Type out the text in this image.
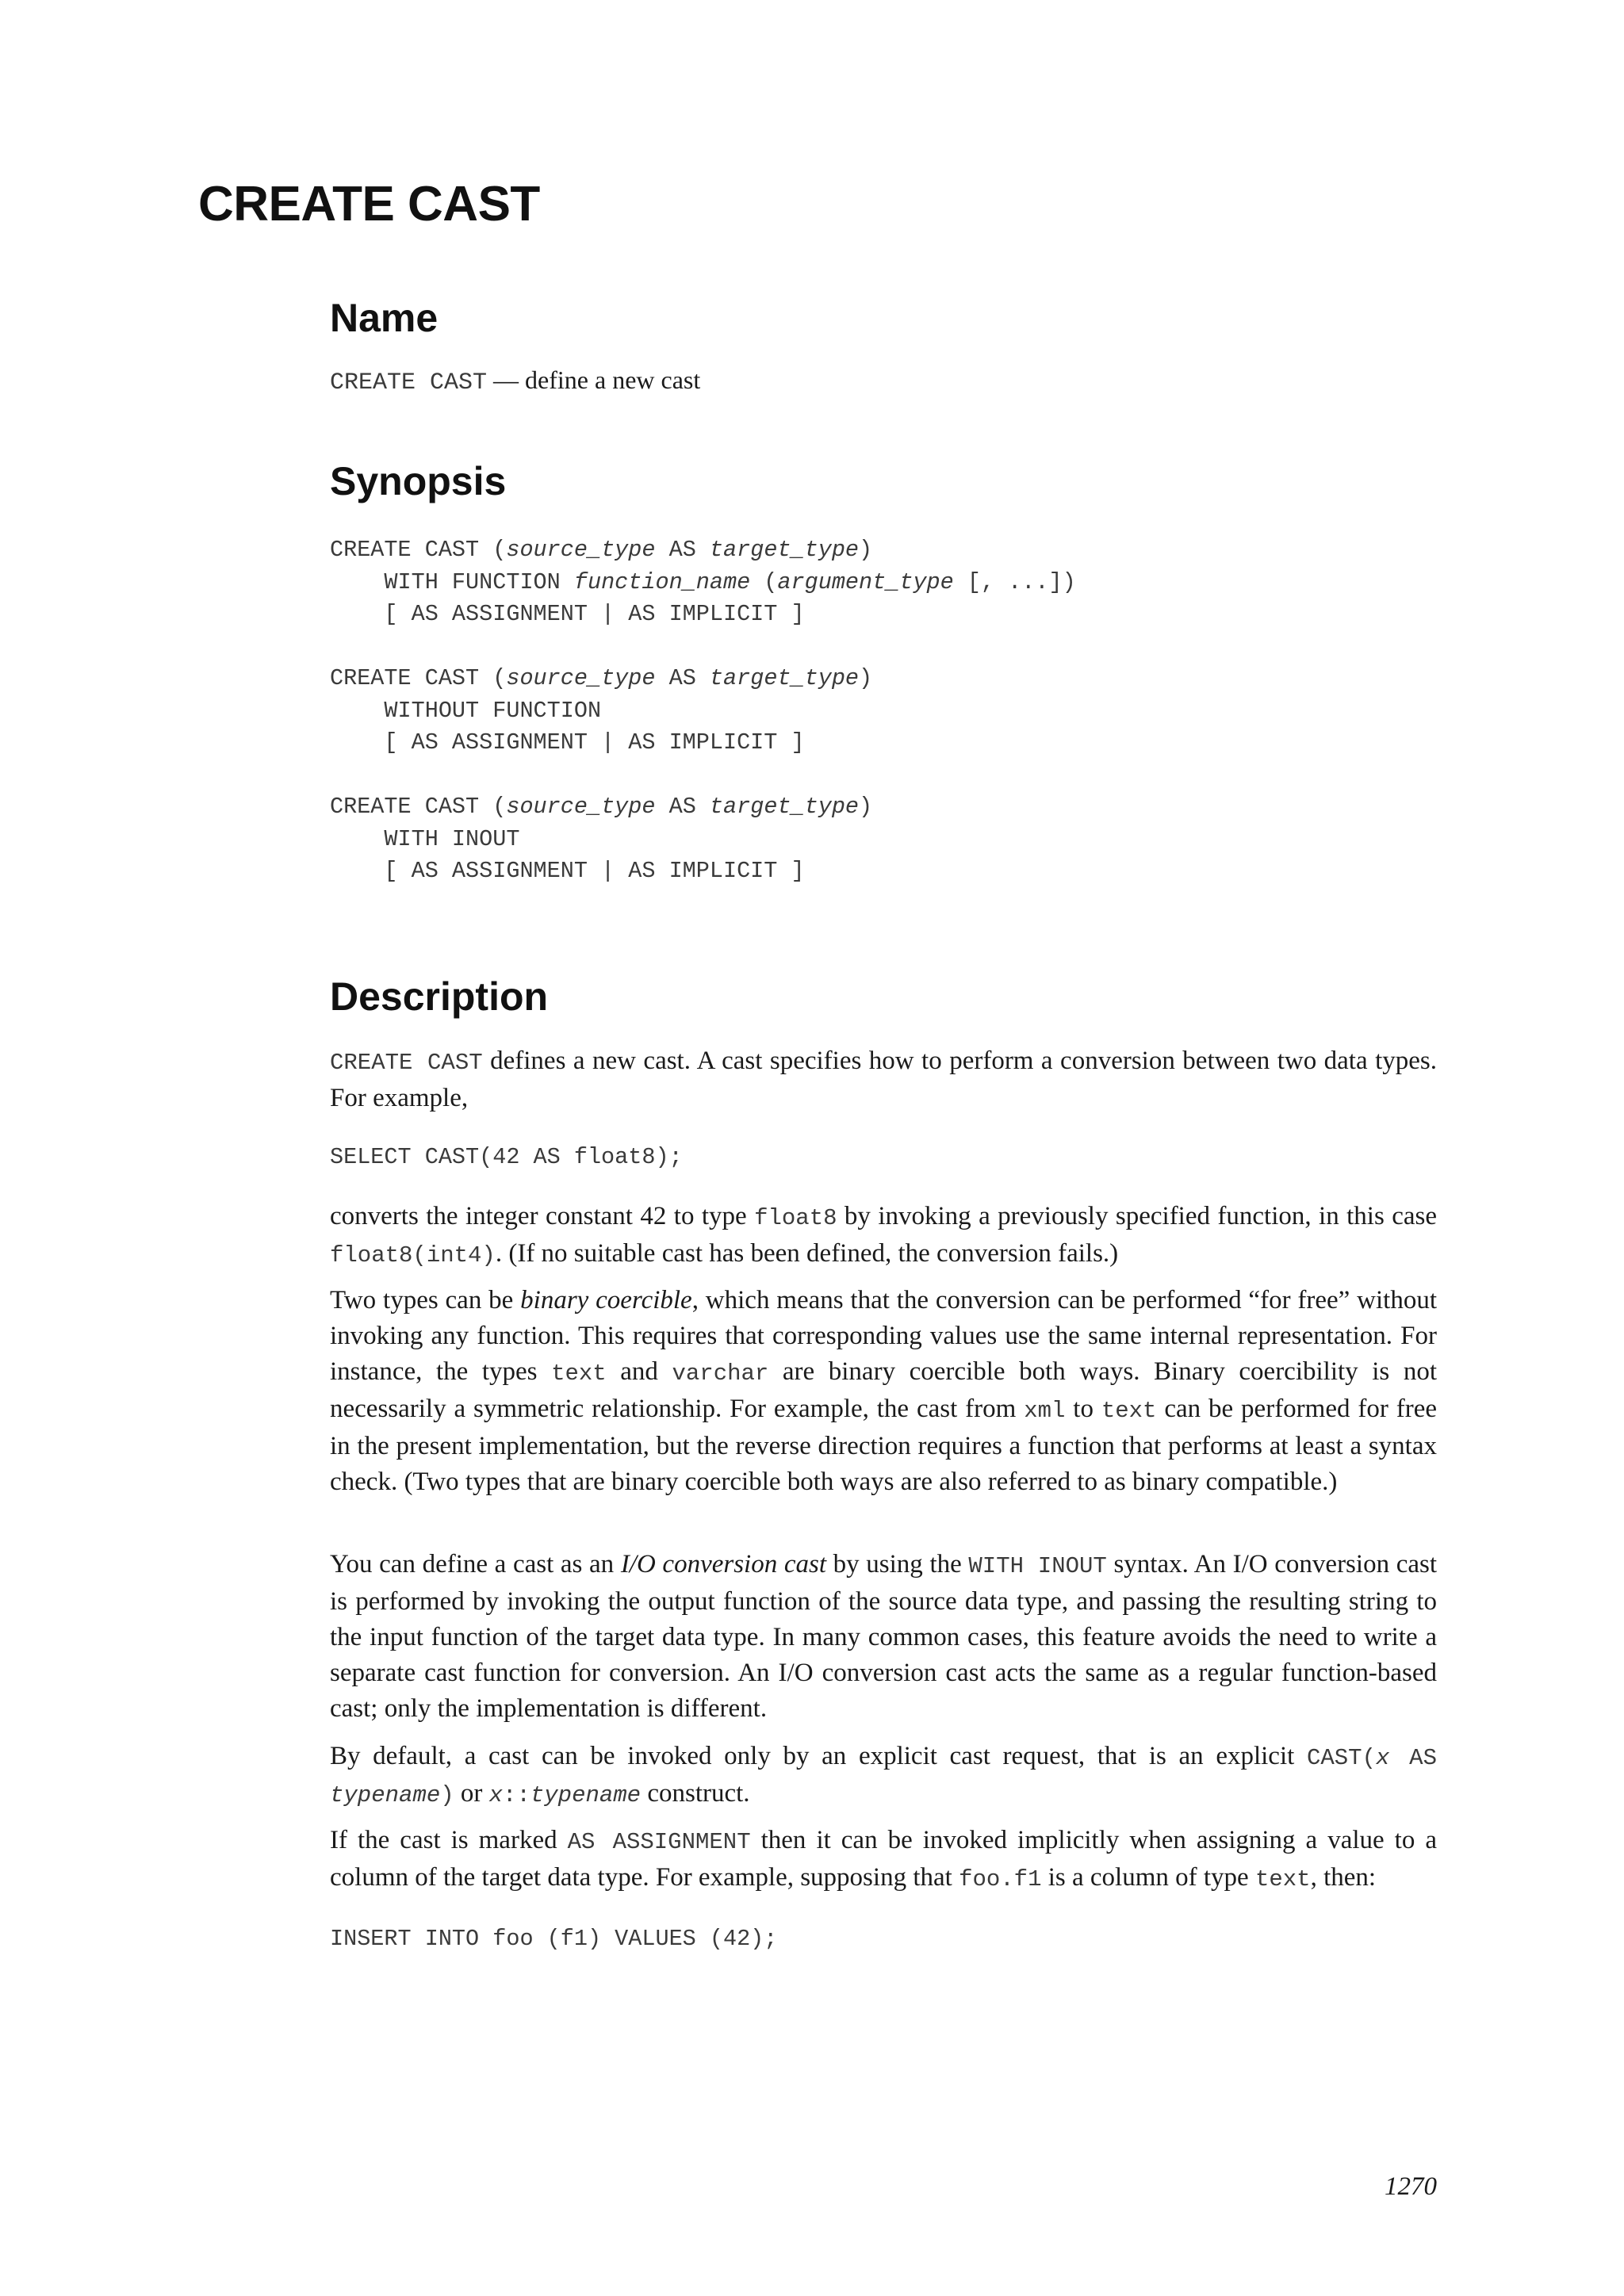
CREATE CAST
Name
CREATE CAST — define a new cast
Synopsis
CREATE CAST (source_type AS target_type)
WITH FUNCTION function_name (argument_type [, ...])
[ AS ASSIGNMENT | AS IMPLICIT ]

CREATE CAST (source_type AS target_type)
WITHOUT FUNCTION
[ AS ASSIGNMENT | AS IMPLICIT ]

CREATE CAST (source_type AS target_type)
WITH INOUT
[ AS ASSIGNMENT | AS IMPLICIT ]
Description

CREATE CAST defines a new cast. A cast specifies how to perform a conversion between two data types. For example,

SELECT CAST(42 AS float8);

converts the integer constant 42 to type float8 by invoking a previously specified function, in this case float8(int4). (If no suitable cast has been defined, the conversion fails.)

Two types can be binary coercible, which means that the conversion can be performed “for free” without invoking any function. This requires that corresponding values use the same internal representation. For instance, the types text and varchar are binary coercible both ways. Binary coercibility is not necessarily a symmetric relationship. For example, the cast from xml to text can be performed for free in the present implementation, but the reverse direction requires a function that performs at least a syntax check. (Two types that are binary coercible both ways are also referred to as binary compatible.)

You can define a cast as an I/O conversion cast by using the WITH INOUT syntax. An I/O conversion cast is performed by invoking the output function of the source data type, and passing the resulting string to the input function of the target data type. In many common cases, this feature avoids the need to write a separate cast function for conversion. An I/O conversion cast acts the same as a regular function-based cast; only the implementation is different.

By default, a cast can be invoked only by an explicit cast request, that is an explicit CAST(x AS typename) or x::typename construct.

If the cast is marked AS ASSIGNMENT then it can be invoked implicitly when assigning a value to a column of the target data type. For example, supposing that foo.f1 is a column of type text, then:

INSERT INTO foo (f1) VALUES (42);
1270
